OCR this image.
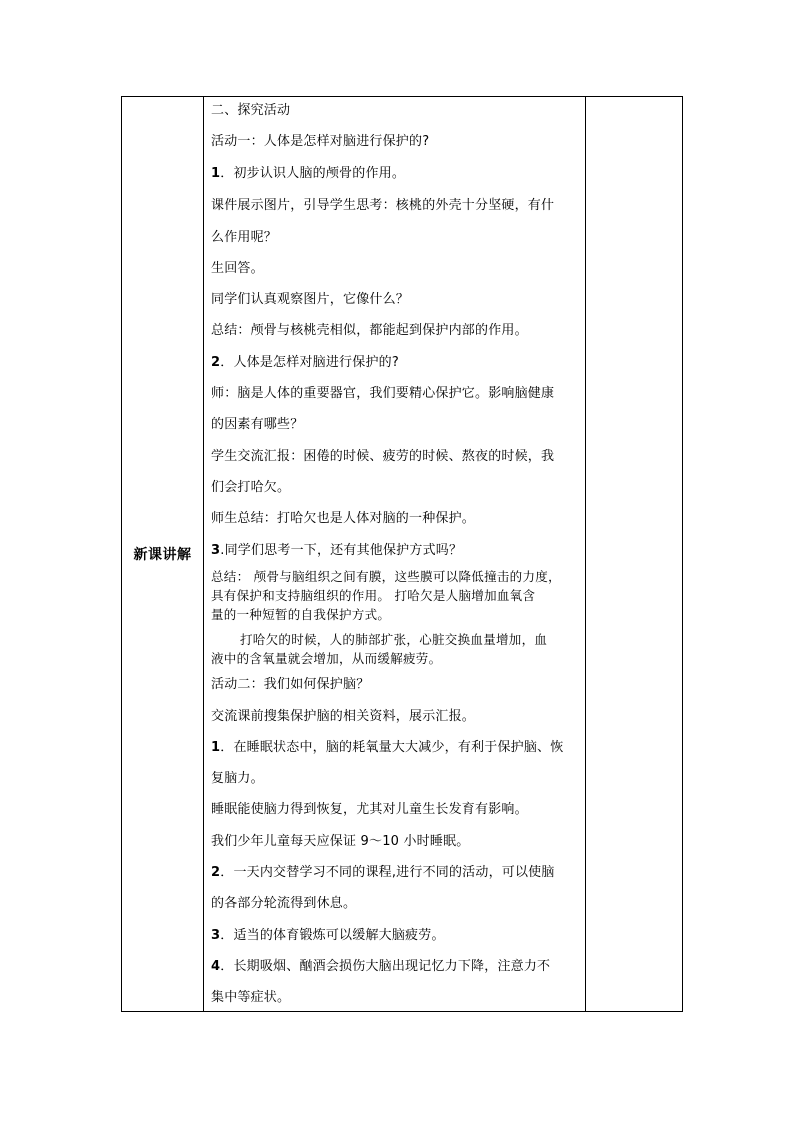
新课讲解	
二、探究活动
活动一：人体是怎样对脑进行保护的?
1．初步认识人脑的颅骨的作用。
课件展示图片，引导学生思考：核桃的外壳十分坚硬，有什
么作用呢？
生回答。
同学们认真观察图片，它像什么？
总结：颅骨与核桃壳相似，都能起到保护内部的作用。
2．人体是怎样对脑进行保护的?
师：脑是人体的重要器官，我们要精心保护它。影响脑健康
的因素有哪些？
学生交流汇报：困倦的时候、疲劳的时候、熬夜的时候，我
们会打哈欠。
师生总结：打哈欠也是人体对脑的一种保护。
3.同学们思考一下，还有其他保护方式吗？
总结： 颅骨与脑组织之间有膜，这些膜可以降低撞击的力度，
具有保护和支持脑组织的作用。 打哈欠是人脑增加血氧含
量的一种短暂的自我保护方式。
打哈欠的时候，人的肺部扩张，心脏交换血量增加，血
液中的含氧量就会增加，从而缓解疲劳。
活动二：我们如何保护脑？
交流课前搜集保护脑的相关资料，展示汇报。
1．在睡眠状态中，脑的耗氧量大大减少，有利于保护脑、恢
复脑力。
睡眠能使脑力得到恢复，尤其对儿童生长发育有影响。
我们少年儿童每天应保证 9～10 小时睡眠。
2．一天内交替学习不同的课程,进行不同的活动，可以使脑
的各部分轮流得到休息。
3．适当的体育锻炼可以缓解大脑疲劳。
4．长期吸烟、酗酒会损伤大脑出现记忆力下降，注意力不
集中等症状。
